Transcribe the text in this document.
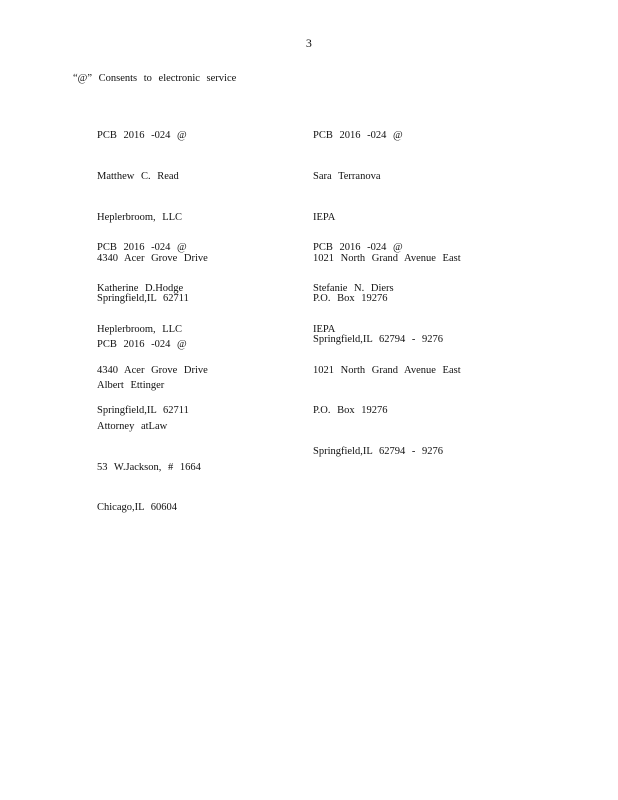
3
“@” Consents to electronic service

PCB 2016 -024 @

Matthew C. Read

Heplerbroom, LLC

4340 Acer Grove Drive

Springfield,IL 62711

PCB 2016 -024 @

Sara Terranova

IEPA

1021 North Grand Avenue East

P.O. Box 19276

Springfield,IL 62794 - 9276

PCB 2016 -024 @

Katherine D.Hodge

Heplerbroom, LLC

4340 Acer Grove Drive

Springfield,IL 62711

PCB 2016 -024 @

Stefanie N. Diers

IEPA

1021 North Grand Avenue East

P.O. Box 19276

Springfield,IL 62794 - 9276

PCB 2016 -024 @

Albert Ettinger

Attorney atLaw

53 W.Jackson, # 1664

Chicago,IL 60604
